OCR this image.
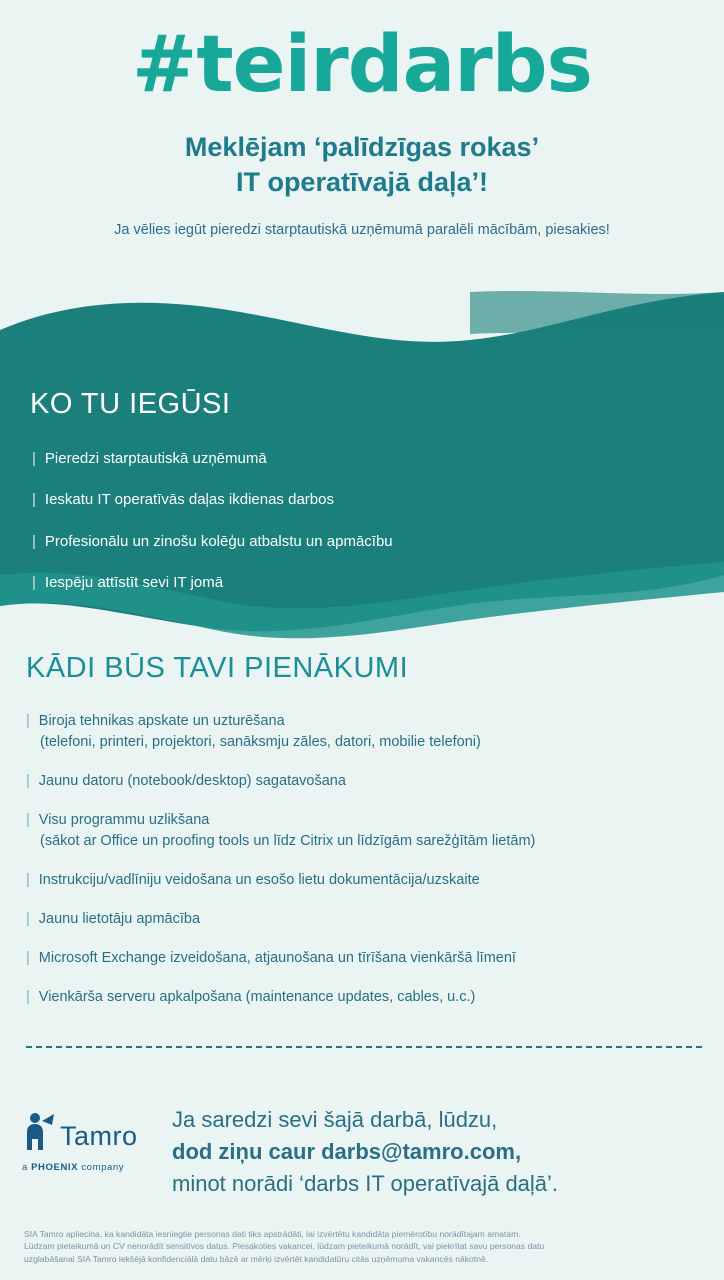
#teirdarbs
Meklējam ‘palīdzīgas rokas’
IT operatīvajā daļa’!
Ja vēlies iegūt pieredzi starptautiskā uzņēmumā paralēli mācībām, piesakies!
KO TU IEGŪSI
| Pieredzi starptautiskā uzņēmumā
| Ieskatu IT operatīvās daļas ikdienas darbos
| Profesionālu un zinošu kolēģu atbalstu un apmācību
| Iespēju attīstīt sevi IT jomā
KĀDI BŪS TAVI PIENĀKUMI
| Biroja tehnikas apskate un uzturēšana
(telefoni, printeri, projektori, sanāksmju zāles, datori, mobilie telefoni)
| Jaunu datoru (notebook/desktop) sagatavošana
| Visu programmu uzlikšana
(sākot ar Office un proofing tools un līdz Citrix un līdzīgām sarežģītām lietām)
| Instrukciju/vadlīniju veidošana un esošo lietu dokumentācija/uzskaite
| Jaunu lietotāju apmācība
| Microsoft Exchange izveidošana, atjaunošana un tīrīšana vienkāršā līmenī
| Vienkārša serveru apkalpošana (maintenance updates, cables, u.c.)
Tamro
a PHOENIX company
Ja saredzi sevi šajā darbā, lūdzu,
dod ziņu caur darbs@tamro.com,
minot norādi ‘darbs IT operatīvajā daļā’.
SIA Tamro apliecina, ka kandidāta iesniegtie personas dati tiks apstrādāti, lai izvērtētu kandidāta piemērotību norādītajam amatam.
Lūdzam pieteikumā un CV nenorādīt sensitīvos datus. Piesakoties vakancei, lūdzam pieteikumā norādīt, vai piekrītat savu personas datu
uzglabāšanai SIA Tamro iekšējā konfidenciālā datu bāzē ar mērķi izvērtēt kandidatūru citās uzņēmuma vakancēs nākotnē.
